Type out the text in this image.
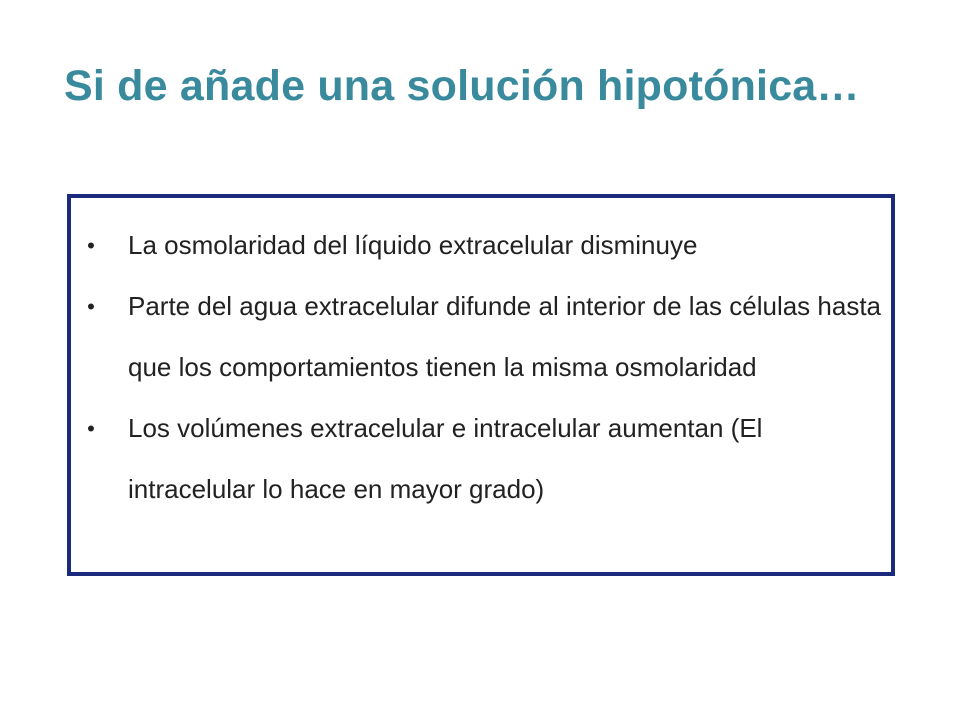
Si de añade una solución hipotónica…
• La osmolaridad del líquido extracelular disminuye
• Parte del agua extracelular difunde al interior de las células hasta que los comportamientos tienen la misma osmolaridad
• Los volúmenes extracelular e intracelular aumentan (El intracelular lo hace en mayor grado)
